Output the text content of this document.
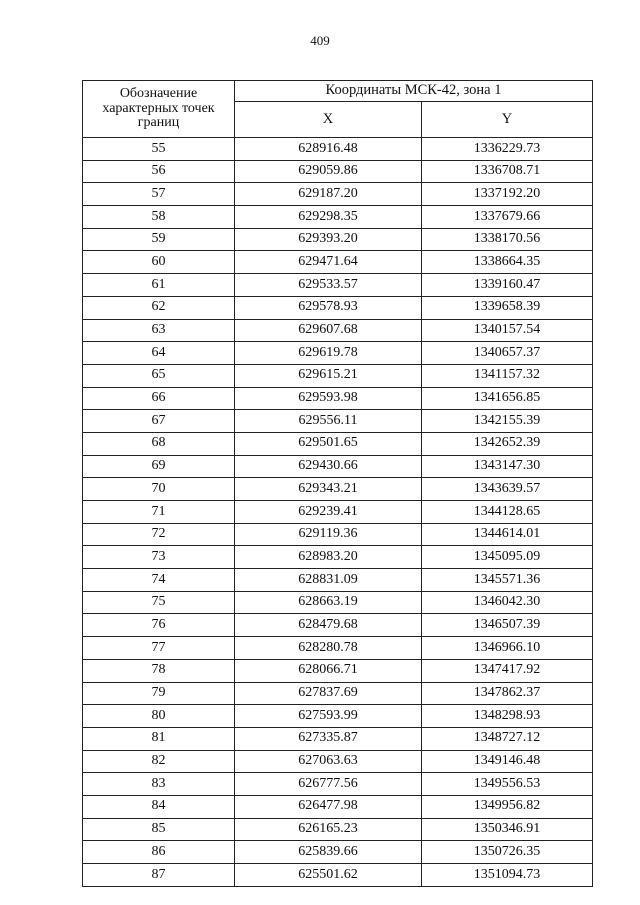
409
Обозначение характерных точек границ	Координаты МСК-42, зона 1	
	X	Y
55	628916.48	1336229.73
56	629059.86	1336708.71
57	629187.20	1337192.20
58	629298.35	1337679.66
59	629393.20	1338170.56
60	629471.64	1338664.35
61	629533.57	1339160.47
62	629578.93	1339658.39
63	629607.68	1340157.54
64	629619.78	1340657.37
65	629615.21	1341157.32
66	629593.98	1341656.85
67	629556.11	1342155.39
68	629501.65	1342652.39
69	629430.66	1343147.30
70	629343.21	1343639.57
71	629239.41	1344128.65
72	629119.36	1344614.01
73	628983.20	1345095.09
74	628831.09	1345571.36
75	628663.19	1346042.30
76	628479.68	1346507.39
77	628280.78	1346966.10
78	628066.71	1347417.92
79	627837.69	1347862.37
80	627593.99	1348298.93
81	627335.87	1348727.12
82	627063.63	1349146.48
83	626777.56	1349556.53
84	626477.98	1349956.82
85	626165.23	1350346.91
86	625839.66	1350726.35
87	625501.62	1351094.73
